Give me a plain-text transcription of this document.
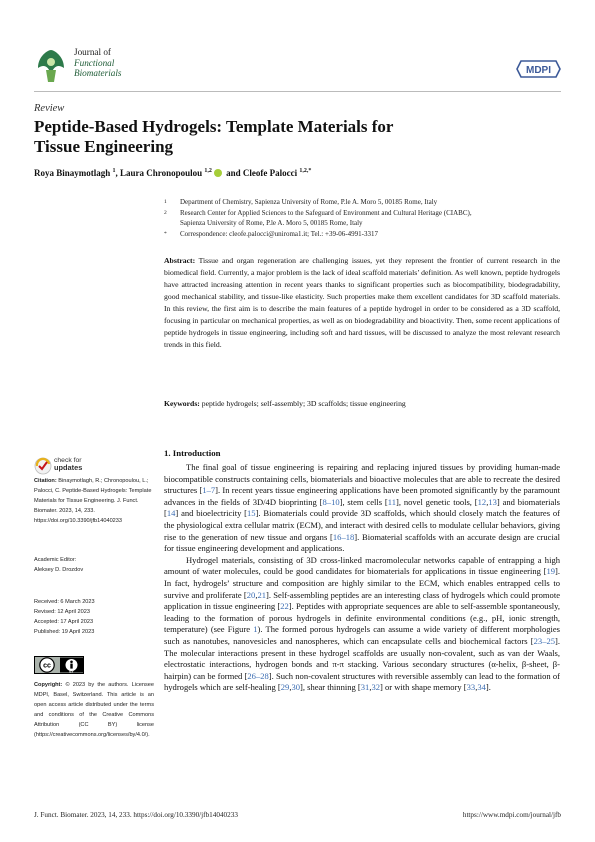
Journal of
Functional
Biomaterials	MDPI
Review
Peptide-Based Hydrogels: Template Materials for
Tissue Engineering
Roya Binaymotlagh $^1$, Laura Chronopoulou $^{1,2}$ and Cleofe Palocci $^{1,2,*}$
1 Department of Chemistry, Sapienza University of Rome, P.le A. Moro 5, 00185 Rome, Italy
2 Research Center for Applied Sciences to the Safeguard of Environment and Cultural Heritage (CIABC),
Sapienza University of Rome, P.le A. Moro 5, 00185 Rome, Italy
* Correspondence: cleofe.palocci@uniroma1.it; Tel.: +39-06-4991-3317
Abstract: Tissue and organ regeneration are challenging issues, yet they represent the frontier of current research in the biomedical field. Currently, a major problem is the lack of ideal scaffold materials’ definition. As well known, peptide hydrogels have attracted increasing attention in recent years thanks to significant properties such as biocompatibility, biodegradability, good mechanical stability, and tissue-like elasticity. Such properties make them excellent candidates for 3D scaffold materials. In this review, the first aim is to describe the main features of a peptide hydrogel in order to be considered as a 3D scaffold, focusing in particular on mechanical properties, as well as on biodegradability and bioactivity. Then, some recent applications of peptide hydrogels in tissue engineering, including soft and hard tissues, will be discussed to analyze the most relevant research trends in this field.
Keywords: peptide hydrogels; self-assembly; 3D scaffolds; tissue engineering
1. Introduction

The final goal of tissue engineering is repairing and replacing injured tissues by providing human-made biocompatible constructs containing cells, biomaterials and bioactive molecules that are able to recreate the desired structures [1–7]. In recent years tissue engineering applications have been promoted significantly by the paramount advances in the fields of 3D/4D bioprinting [8–10], stem cells [11], novel genetic tools, [12,13] and biomaterials [14] and bioelectricity [15]. Biomaterials could provide 3D scaffolds, which should closely match the features of the physiological extra cellular matrix (ECM), and interact with desired cells to modulate cellular behaviors, giving rise to the generation of new tissue and organs [16–18]. Biomaterial scaffolds with an accurate design are crucial for tissue engineering development and applications.

Hydrogel materials, consisting of 3D cross-linked macromolecular networks capable of entrapping a high amount of water molecules, could be good candidates for biomaterials for applications in tissue engineering [19]. In fact, hydrogels’ structure and composition are highly similar to the ECM, which enables entrapped cells to survive and proliferate [20,21]. Self-assembling peptides are an interesting class of hydrogels which could promote application in tissue engineering [22]. Peptides with appropriate sequences are able to self-assemble spontaneously, leading to the formation of porous hydrogels in definite environmental conditions (e.g., pH, ionic strength, temperature) (see Figure 1). The formed porous hydrogels can assume a wide variety of different morphologies such as nanotubes, nanovesicles and nanospheres, which can encapsulate cells and biochemical factors [23–25]. The molecular interactions present in these hydrogel scaffolds are usually non-covalent, such as van der Waals, electrostatic interactions, hydrogen bonds and π-π stacking. Various secondary structures (α-helix, β-sheet, β-hairpin) can be formed [26–28]. Such non-covalent structures with reversible assembly can lead to the formation of hydrogels which are self-healing [29,30], shear thinning [31,32] or with shape memory [33,34].

check for
updates
Citation: Binaymotlagh, R.; Chronopoulou, L.; Palocci, C. Peptide-Based Hydrogels: Template Materials for Tissue Engineering. J. Funct. Biomater. 2023, 14, 233. https://doi.org/10.3390/jfb14040233
Academic Editor:
Aleksey D. Drozdov
Received: 6 March 2023
Revised: 12 April 2023
Accepted: 17 April 2023
Published: 19 April 2023
cc
BY
Copyright: © 2023 by the authors. Licensee MDPI, Basel, Switzerland. This article is an open access article distributed under the terms and conditions of the Creative Commons Attribution (CC BY) license (https://creativecommons.org/licenses/by/4.0/).
J. Funct. Biomater. 2023, 14, 233. https://doi.org/10.3390/jfb14040233	https://www.mdpi.com/journal/jfb
